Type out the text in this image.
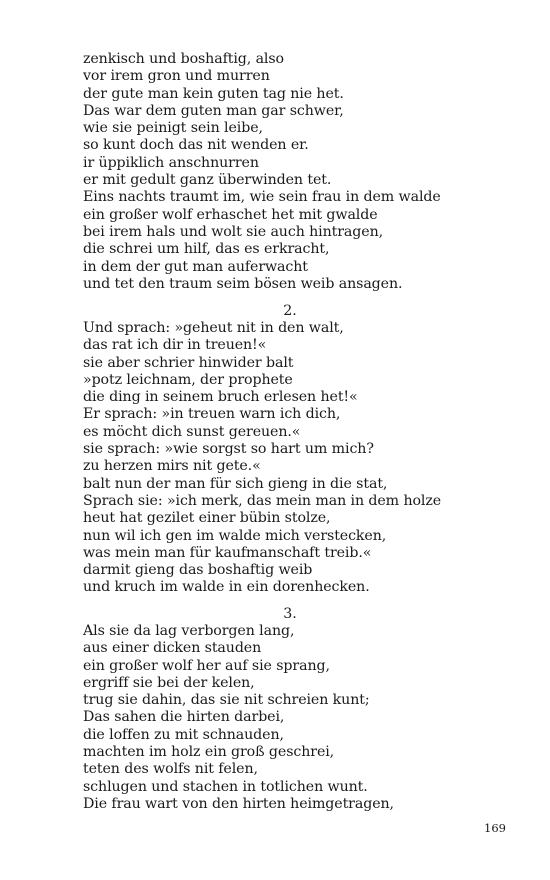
zenkisch und boshaftig, also
vor irem gron und murren
der gute man kein guten tag nie het.
Das war dem guten man gar schwer,
wie sie peinigt sein leibe,
so kunt doch das nit wenden er.
ir üppiklich anschnurren
er mit gedult ganz überwinden tet.
Eins nachts traumt im, wie sein frau in dem walde
ein großer wolf erhaschet het mit gwalde
bei irem hals und wolt sie auch hintragen,
die schrei um hilf, das es erkracht,
in dem der gut man auferwacht
und tet den traum seim bösen weib ansagen.
2.
Und sprach: »geheut nit in den walt,
das rat ich dir in treuen!«
sie aber schrier hinwider balt
»potz leichnam, der prophete
die ding in seinem bruch erlesen het!«
Er sprach: »in treuen warn ich dich,
es möcht dich sunst gereuen.«
sie sprach: »wie sorgst so hart um mich?
zu herzen mirs nit gete.«
balt nun der man für sich gieng in die stat,
Sprach sie: »ich merk, das mein man in dem holze
heut hat gezilet einer bübin stolze,
nun wil ich gen im walde mich verstecken,
was mein man für kaufmanschaft treib.«
darmit gieng das boshaftig weib
und kruch im walde in ein dorenhecken.
3.
Als sie da lag verborgen lang,
aus einer dicken stauden
ein großer wolf her auf sie sprang,
ergriff sie bei der kelen,
trug sie dahin, das sie nit schreien kunt;
Das sahen die hirten darbei,
die loffen zu mit schnauden,
machten im holz ein groß geschrei,
teten des wolfs nit felen,
schlugen und stachen in totlichen wunt.
Die frau wart von den hirten heimgetragen,
169
